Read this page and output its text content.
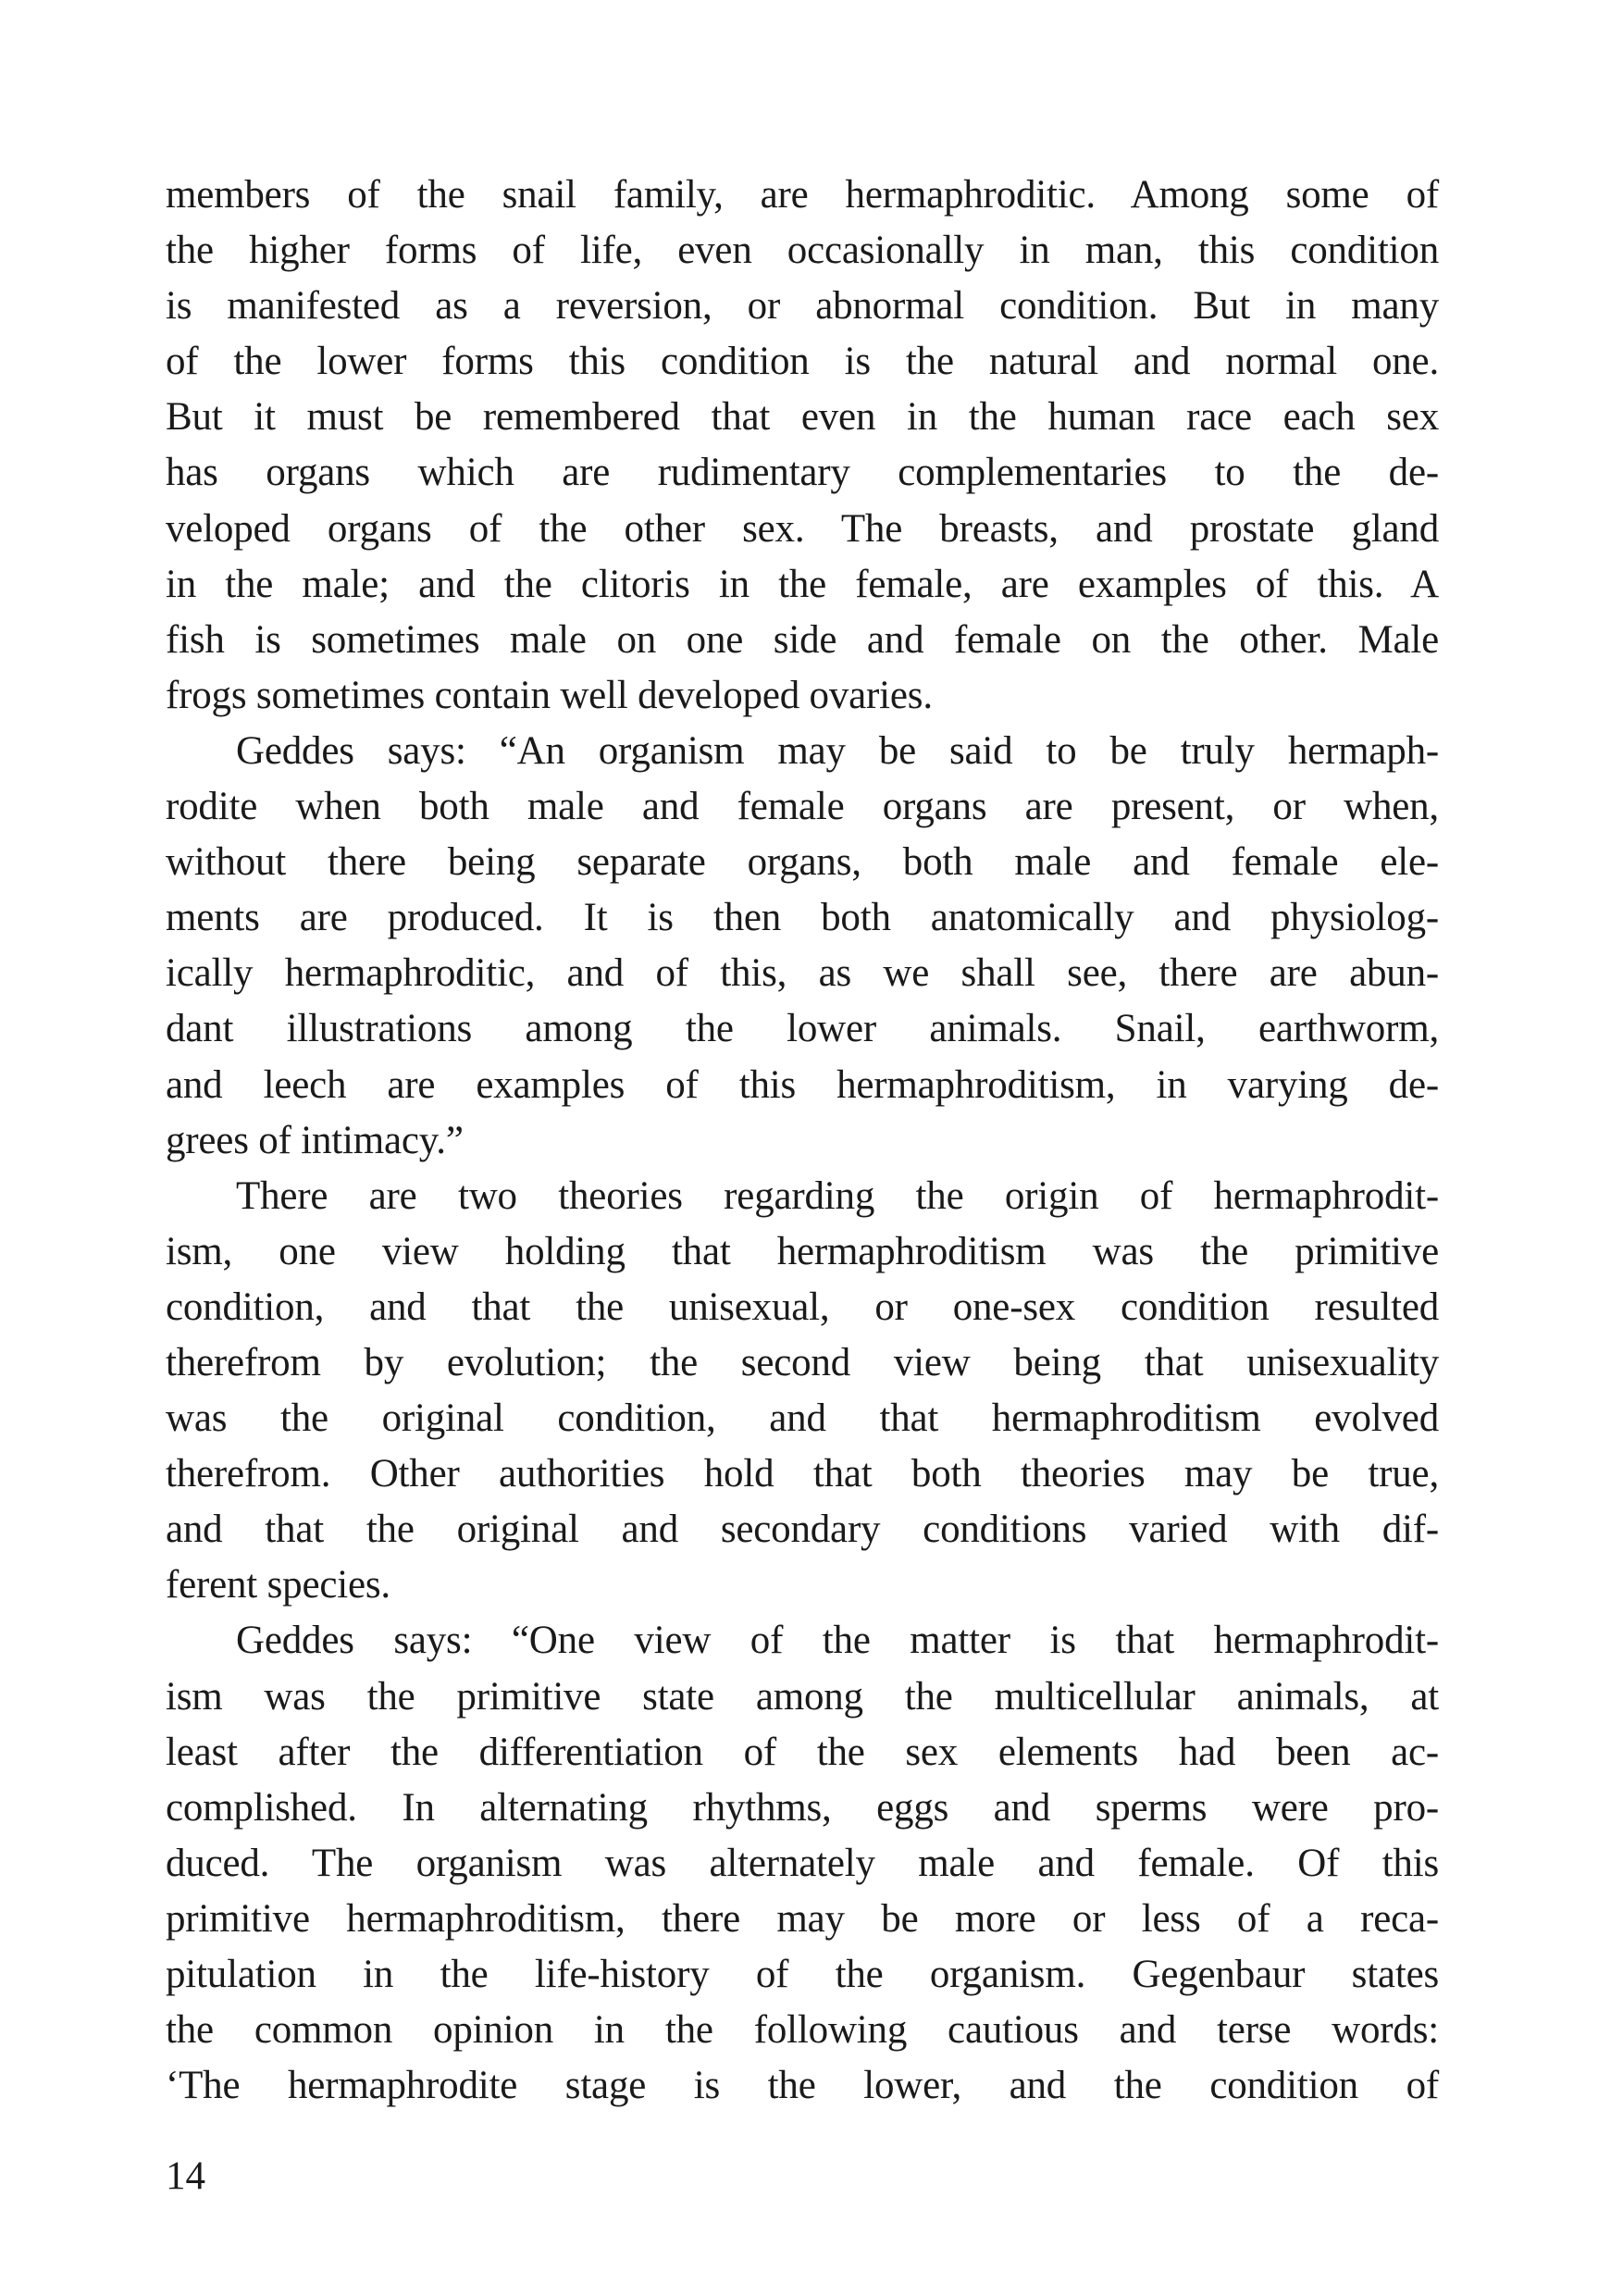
members of the snail family, are hermaphroditic. Among some of
the higher forms of life, even occasionally in man, this condition
is manifested as a reversion, or abnormal condition. But in many
of the lower forms this condition is the natural and normal one.
But it must be remembered that even in the human race each sex
has organs which are rudimentary complementaries to the de-
veloped organs of the other sex. The breasts, and prostate gland
in the male; and the clitoris in the female, are examples of this. A
fish is sometimes male on one side and female on the other. Male
frogs sometimes contain well developed ovaries.
Geddes says: “An organism may be said to be truly hermaph-
rodite when both male and female organs are present, or when,
without there being separate organs, both male and female ele-
ments are produced. It is then both anatomically and physiolog-
ically hermaphroditic, and of this, as we shall see, there are abun-
dant illustrations among the lower animals. Snail, earthworm,
and leech are examples of this hermaphroditism, in varying de-
grees of intimacy.”
There are two theories regarding the origin of hermaphrodit-
ism, one view holding that hermaphroditism was the primitive
condition, and that the unisexual, or one-sex condition resulted
therefrom by evolution; the second view being that unisexuality
was the original condition, and that hermaphroditism evolved
therefrom. Other authorities hold that both theories may be true,
and that the original and secondary conditions varied with dif-
ferent species.
Geddes says: “One view of the matter is that hermaphrodit-
ism was the primitive state among the multicellular animals, at
least after the differentiation of the sex elements had been ac-
complished. In alternating rhythms, eggs and sperms were pro-
duced. The organism was alternately male and female. Of this
primitive hermaphroditism, there may be more or less of a reca-
pitulation in the life-history of the organism. Gegenbaur states
the common opinion in the following cautious and terse words:
‘The hermaphrodite stage is the lower, and the condition of
14
